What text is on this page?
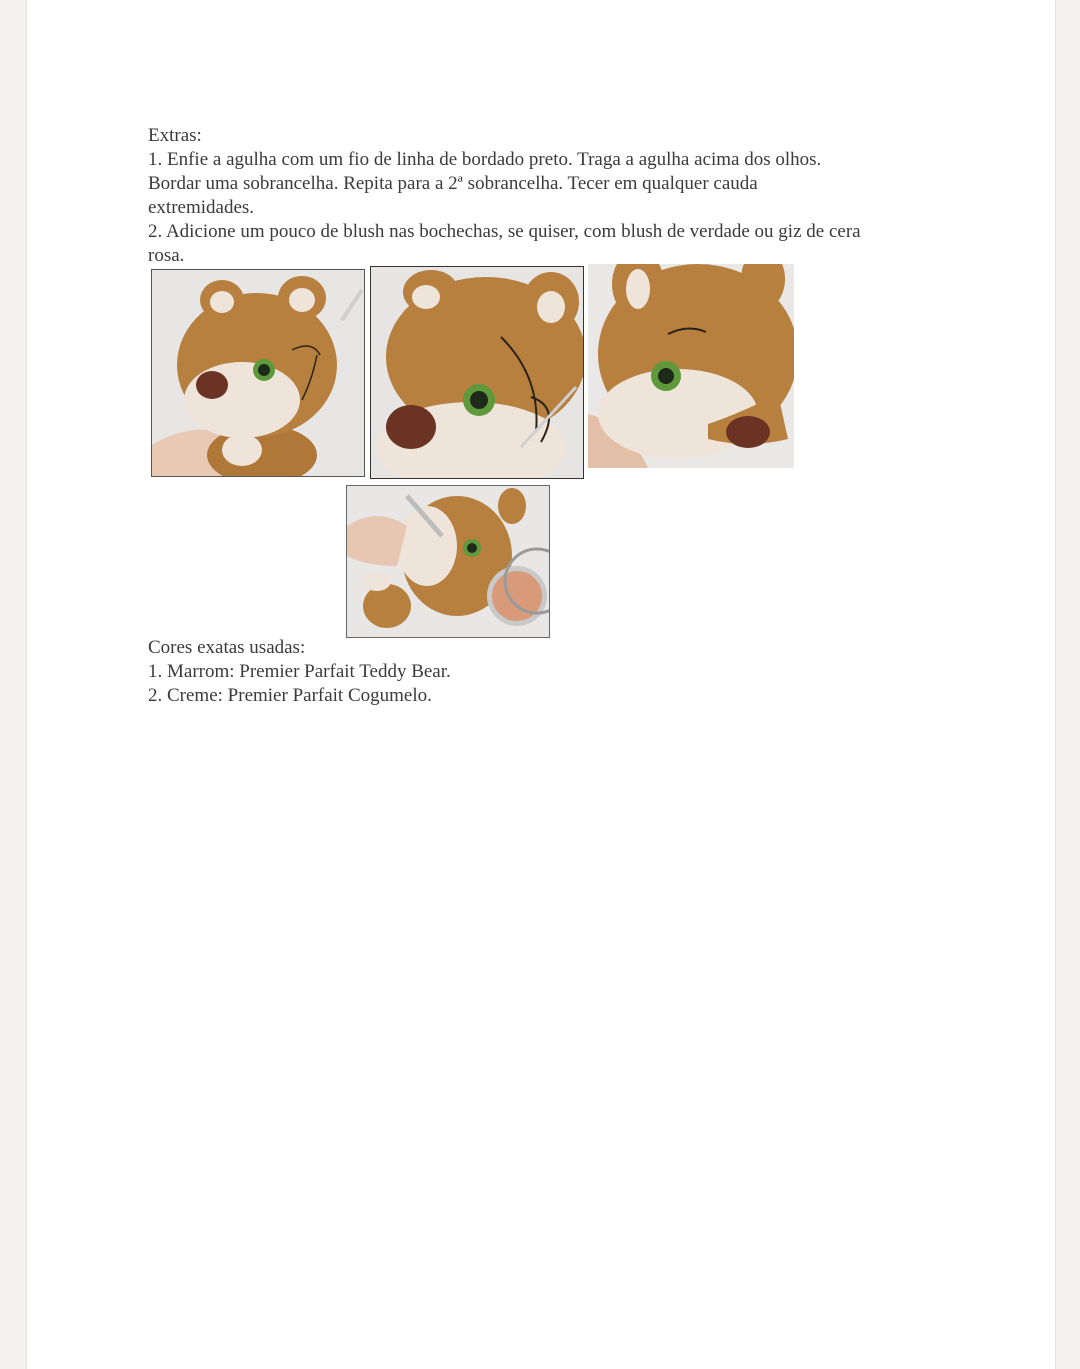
Extras:
1. Enfie a agulha com um fio de linha de bordado preto. Traga a agulha acima dos olhos.
Bordar uma sobrancelha. Repita para a 2ª sobrancelha. Tecer em qualquer cauda
extremidades.
2. Adicione um pouco de blush nas bochechas, se quiser, com blush de verdade ou giz de cera
rosa.
Cores exatas usadas:
1. Marrom: Premier Parfait Teddy Bear.
2. Creme: Premier Parfait Cogumelo.
